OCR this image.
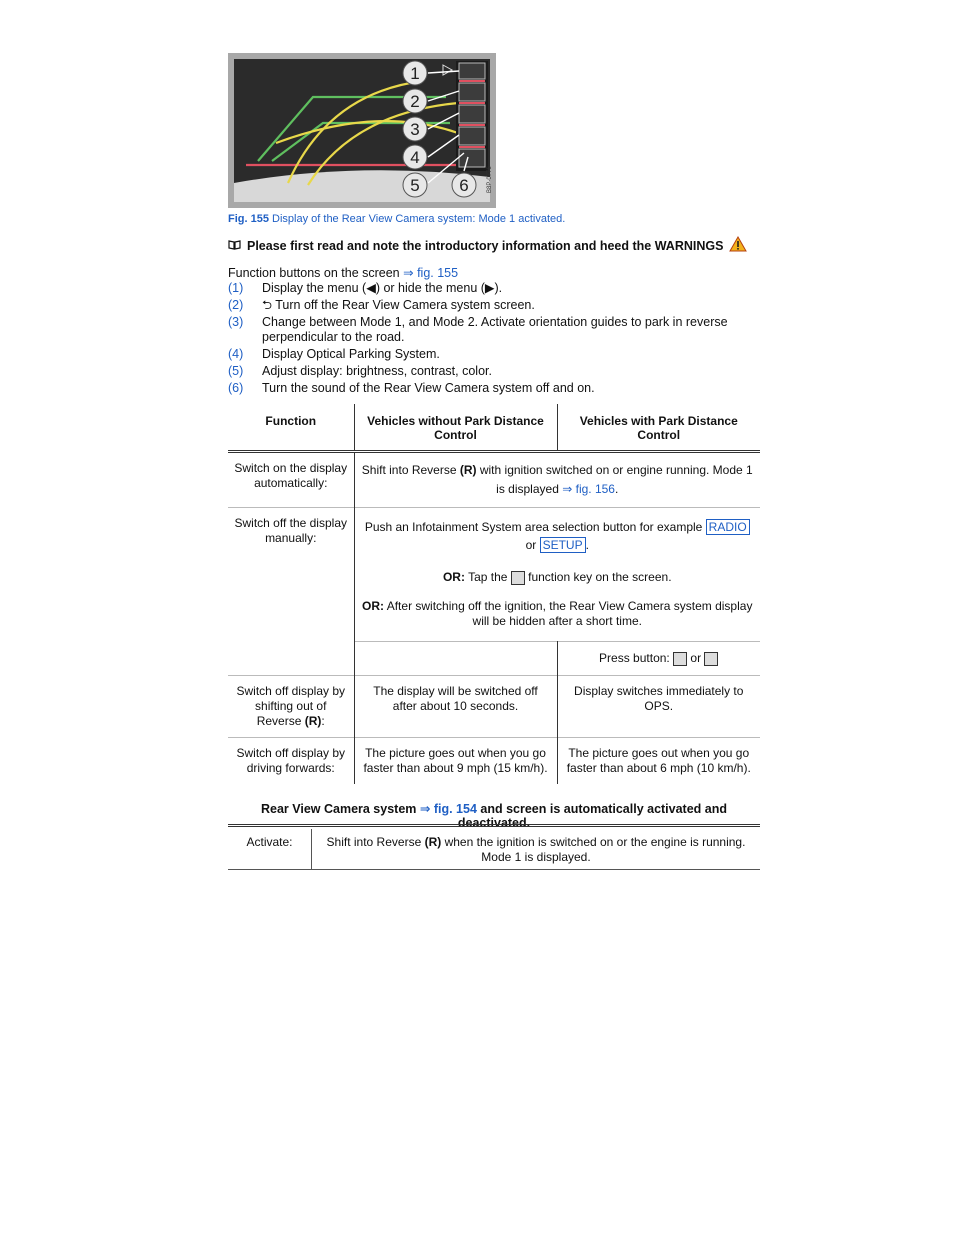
1
2
3
4
5 6	B8P-0776
Fig. 155 Display of the Rear View Camera system: Mode 1 activated.
Please first read and note the introductory information and heed the WARNINGS
Function buttons on the screen ⇒ fig. 155
(1)	Display the menu (◀) or hide the menu (▶).
(2)	⮌ Turn off the Rear View Camera system screen.
(3)	Change between Mode 1, and Mode 2. Activate orientation guides to park in reverse perpendicular to the road.
(4)	Display Optical Parking System.
(5)	Adjust display: brightness, contrast, color.
(6)	Turn the sound of the Rear View Camera system off and on.
Function	Vehicles without Park Distance Control	Vehicles with Park Distance Control
Switch on the display automatically:	Shift into Reverse (R) with ignition switched on or engine running. Mode 1 is displayed ⇒ fig. 156.	
Switch off the display manually:	Push an Infotainment System area selection button for example RADIO or SETUP .
OR: Tap the  function key on the screen.
OR: After switching off the ignition, the Rear View Camera system display will be hidden after a short time.	

		Press button:  or
Switch off display by shifting out of Reverse (R):	The display will be switched off after about 10 seconds.	Display switches immediately to OPS.
Switch off display by driving forwards:	The picture goes out when you go faster than about 9 mph (15 km/h).	The picture goes out when you go faster than about 6 mph (10 km/h).
Rear View Camera system ⇒ fig. 154 and screen is automatically activated and deactivated.
Activate:	Shift into Reverse (R) when the ignition is switched on or the engine is running. Mode 1 is displayed.
